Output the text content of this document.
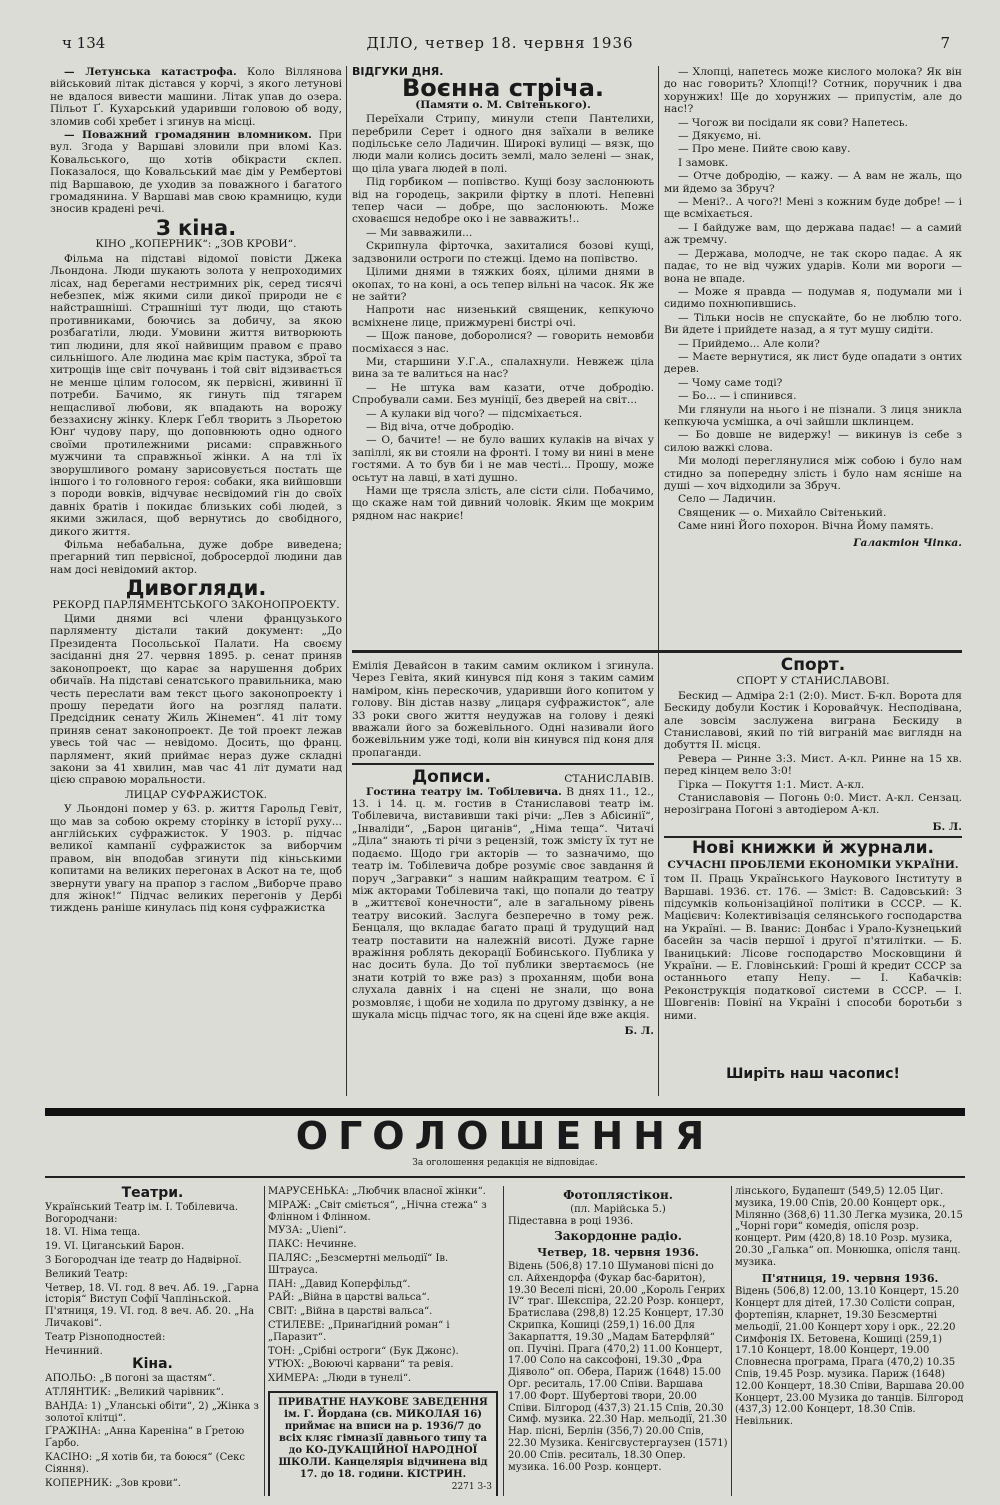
ч 134	ДІЛО, четвер 18. червня 1936	7

— Летунська катастрофа. Коло Віллянова військовий літак дістався у корчі, з якого летунові не вдалося вивести машини. Літак упав до озера. Пільот Ґ. Кухарський ударивши головою об воду, зломив собі хребет і згинув на місці.

— Поважний громадянин вломником. При вул. Згода у Варшаві зловили при вломі Каз. Ковальського, що хотів обікрасти склеп. Показалося, що Ковальський має дім у Рембертові під Варшавою, де уходив за поважного і багатого громадянина. У Варшаві мав свою крамницю, куди зносив крадені речі.

З кіна.
КІНО „КОПЕРНИК“: „ЗОВ КРОВИ“.

Фільма на підставі відомої повісти Джека Льондона. Люди шукають золота у непроходимих лісах, над берегами нестримних рік, серед тисячі небезпек, між якими сили дикої природи не є найстрашніші. Страшніші тут люди, що стають противниками, боючись за добичу, за якою розбагатіли, люди. Умовини життя витворюють тип людини, для якої найвищим правом є право сильнішого. Але людина має крім пастука, зброї та хитрощів іще світ почувань і той світ відзивається не менше цілим голосом, як первісні, живинні її потреби. Бачимо, як гинуть під тягарем нещасливої любови, як впадають на ворожу беззахисну жінку. Клерк Ґебл творить з Льоретою Юнґ чудову пару, що доповнюють одно одного своїми протилежними рисами: справжнього мужчини та справжньої жінки. А на тлі їх зворушливого роману зарисовується постать ще іншого і то головного героя: собаки, яка вийшовши з породи вовків, відчуває несвідомий гін до своїх давніх братів і покидає близьких собі людей, з якими зжилася, щоб вернутись до свобідного, дикого життя.

Фільма небабальна, дуже добре виведена; прегарний тип первісної, добросердої людини дав нам досі невідомий актор.

Дивогляди.
РЕКОРД ПАРЛЯМЕНТСЬКОГО ЗАКОНОПРОЕКТУ.

Цими днями всі члени французького парляменту дістали такий документ: „До Президента Посольської Палати. На своєму засіданні дня 27. червня 1895. р. сенат приняв законопроект, що карає за нарушення добрих обичаїв. На підставі сенатського правильника, маю честь переслати вам текст цього законопроекту і прошу передати його на розгляд палати. Предсідник сенату Жиль Жінемен“. 41 літ тому приняв сенат законопроект. Де той проект лежав увесь той час — невідомо. Досить, що франц. парлямент, який приймає нераз дуже складні закони за 41 хвилин, мав час 41 літ думати над цією справою моральности.

ЛИЦАР СУФРАЖИСТОК.

У Льондоні помер у 63. р. життя Гарольд Гевіт, що мав за собою окрему сторінку в історії руху... англійських суфражисток. У 1903. р. підчас великої кампанії суфражисток за виборчим правом, він вподобав згинути під кіньськими копитами на великих перегонах в Аскот на те, щоб звернути увагу на прапор з гаслом „Виборче право для жінок!“ Підчас великих перегонів у Дербі тиждень раніше кинулась під коня суфражистка

ВІДГУКИ ДНЯ.
Воєнна стріча.
(Памяти о. М. Світенького).

Переїхали Стрипу, минули степи Пантелихи, перебрили Серет і одного дня заїхали в велике подільське село Ладичин. Широкі вулиці — вязк, що люди мали колись досить землі, мало зелені — знак, що ціла увага людей в полі.

Під горбиком — попівство. Кущі бозу заслонюють від на городець, закрили фіртку в плоті. Непевні тепер часи — добре, що заслонюють. Може сховаєшся недобре око і не завважить!..

— Ми завважили...

Скрипнула фірточка, захиталися бозові кущі, задзвонили остроги по стежці. Ідемо на попівство.

Цілими днями в тяжких боях, цілими днями в окопах, то на коні, а ось тепер вільні на часок. Як же не зайти?

Напроти нас низенький священик, кепкуючо всміхнене лице, прижмурені бистрі очі.

— Щож панове, доборолися? — говорить немовби посміхаєся з нас.

Ми, старшини У.Г.А., спалахнули. Невжеж ціла вина за те валиться на нас?

— Не штука вам казати, отче добродію. Спробували сами. Без муніції, без дверей на світ...

— А кулаки від чого? — підсміхається.

— Від віча, отче добродію.

— О, бачите! — не було ваших кулаків на вічах у запіллі, як ви стояли на фронті. І тому ви нині в мене гостями. А то був би і не мав честі... Прошу, може осьтут на лавці, в хаті душно.

Нами ще трясла злість, але сісти сіли. Побачимо, що скаже нам той дивний чоловік. Яким ще мокрим рядном нас накриє!

— Хлопці, напетесь може кислого молока? Як він до нас говорить? Хлопці!? Сотник, поручник і два хорунжих! Ще до хорунжих — припустім, але до нас!?

— Чогож ви посідали як сови? Напетесь.

— Дякуємо, ні.

— Про мене. Пийте свою каву.

І замовк.

— Отче добродію, — кажу. — А вам не жаль, що ми йдемо за Збруч?

— Мені?.. А чого?! Мені з кожним буде добре! — і ще всміхається.

— І байдуже вам, що держава падає! — а самий аж тремчу.

— Держава, молодче, не так скоро падає. А як падає, то не від чужих ударів. Коли ми вороги — вона не впаде.

— Може я правда — подумав я, подумали ми і сидимо похнюпившись.

— Тільки носів не спускайте, бо не люблю того. Ви йдете і прийдете назад, а я тут мушу сидіти.

— Прийдемо... Але коли?

— Маєте вернутися, як лист буде опадати з онтих дерев.

— Чому саме тоді?

— Бо... — і спинився.

Ми глянули на нього і не пізнали. З лиця зникла кепкуюча усмішка, а очі зайшли шклинцем.

— Бо довше не видержу! — викинув із себе з силою важкі слова.

Ми молоді переглянулися між собою і було нам стидно за попередну злість і було нам ясніше на душі — хоч відходили за Збруч.

Село — Ладичин.

Священик — о. Михайло Світенький.

Саме нині Його похорон. Вічна Йому память.

Галактіон Чіпка.

Емілія Девайсон в таким самим окликом і згинула. Через Гевіта, який кинувся під коня з таким самим наміром, кінь перескочив, ударивши його копитом у голову. Він дістав назву „лицаря суфражисток“, але 33 роки свого життя неудужав на голову і деякі вважали його за божевільного. Одні називали його божевільним уже тоді, коли він кинувся під коня для пропаганди.

Дописи.	СТАНИСЛАВІВ.

Гостина театру ім. Тобілевича. В днях 11., 12., 13. і 14. ц. м. гостив в Станиславові театр ім. Тобілевича, виставивши такі річи: „Лев з Абісинії“, „Інваліди“, „Барон циганів“, „Німа теща“. Читачі „Діла“ знають ті річи з рецензій, тож змісту їх тут не подаємо. Щодо гри акторів — то зазначимо, що театр ім. Тобілевича добре розуміє своє завдання й поруч „Загравки“ з нашим найкращим театром. Є ї між акторами Тобілевича такі, що попали до театру в „життєвої конечности“, але в загальному рівень театру високий. Заслуга безперечно в тому реж. Бенцаля, що вкладає багато праці й трудущий над театр поставити на належній висоті. Дуже гарне вражіння роблять декорації Бобинського. Публика у нас досить була. До тої публики звертаємось (не знати котрій то вже раз) з проханням, щоби вона слухала давніх і на сцені не знали, що вона розмовляє, і щоби не ходила по другому дзвінку, а не шукала місць підчас того, як на сцені йде вже акція.

Б. Л.
Спорт.
СПОРТ У СТАНИСЛАВОВІ.

Бескид — Адміра 2:1 (2:0). Мист. Б-кл. Ворота для Бескиду добули Костик і Коровайчук. Несподівана, але зовсім заслужена виграна Бескиду в Станиславові, який по тій виграній має виглядн на добуття II. місця.

Ревера — Ринне 3:3. Мист. А-кл. Ринне на 15 хв. перед кінцем вело 3:0!

Гірка — Покуття 1:1. Мист. А-кл.

Станиславовія — Погонь 0:0. Мист. А-кл. Сензац. нерозіграна Погоні з автодіером А-кл.

Б. Л.
Нові книжки й журнали.
СУЧАСНІ ПРОБЛЕМИ ЕКОНОМІКИ УКРАЇНИ.

том II. Праць Українського Наукового Інституту в Варшаві. 1936. ст. 176. — Зміст: В. Садовський: З підсумків кольонізаційної політики в СССР. — К. Мацієвич: Колективізація селянського господарства на Україні. — В. Іванис: Донбас і Урало-Кузнецький басейн за часів першої і другої п'ятилітки. — Б. Іваницький: Лісове господарство Московщини й України. — Е. Гловінський: Гроші й кредит СССР за останнього етапу Непу. — І. Кабачків: Реконструкція податкової системи в СССР. — І. Шовгенів: Повінї на Україні і способи боротьби з ними.

Ширіть наш часопис!
ОГОЛОШЕННЯ
За оголошення редакція не відповідає.
Театри.

Український Театр ім. І. Тобілевича. Вогородчани:

18. VI. Німа теща.

19. VI. Циганський Барон.

З Богородчан іде театр до Надвірної.

Великий Театр:

Четвер, 18. VI. год. 8 веч. Аб. 19. „Гарна історія“ Виступ Софії Чапліньской. П'ятниця, 19. VI. год. 8 веч. Аб. 20. „На Личакові“.

Театр Різноподностей:

Нечинний.

Кіна.

АПОЛЬО: „В погоні за щастям“.

АТЛЯНТИК: „Великий чарівник“.

ВАНДА: 1) „Уланські обіти“, 2) „Жінка з золотої клітці“.

ҐРАЖІНА: „Анна Кареніна“ в Ґретою Ґарбо.

КАСІНО: „Я хотів би, та боюся“ (Секс Сіяння).

КОПЕРНИК: „Зов крови“.

МАРУСЕНЬКА: „Любчик власної жінки“.

МІРАЖ: „Світ сміється“, „Нічна стежа“ з Флінном і Флінном.

МУЗА: „Uieni“.

ПАКС: Нечинне.

ПАЛЯС: „Безсмертні мельодії“ Ів. Штрауса.

ПАН: „Давид Коперфільд“.

РАЙ: „Війна в царстві вальса“.

СВІТ: „Війна в царстві вальса“.

СТИЛЕВЕ: „Принаґідний роман“ і „Паразит“.

ТОН: „Срібні остроги“ (Бук Джонс).

УТЮХ: „Воюючі карвани“ та ревія.

ХИМЕРА: „Люди в тунелі“.

ПРИВАТНЕ НАУКОВЕ ЗАВЕДЕННЯ ім. Г. Йордана (св. МИКОЛАЯ 16) приймає на вписи на р. 1936/7 до всіх кляс гімназії давнього типу та до КО-ДУКАЦІЙНОЇ НАРОДНОЇ ШКОЛИ. Канцелярія відчинена від 17. до 18. години. КІСТРИН.
2271 3-3
Фотоплястікон.
(пл. Марійська 5.)

Підеставна в році 1936.

Закордонне радіо.
Четвер, 18. червня 1936.

Відень (506,8) 17.10 Шуманові пісні до сл. Айхендорфа (Фукар бас-баритон), 19.30 Веселі пісні, 20.00 „Король Генрих IV“ траг. Шекспіра, 22.20 Розр. концерт, Братислава (298,8) 12.25 Концерт, 17.30 Скрипка, Кошиці (259,1) 16.00 Для Закарпаття, 19.30 „Мадам Батерфляй“ оп. Пучіні. Прага (470,2) 11.00 Концерт, 17.00 Соло на саксофоні, 19.30 „Фра Діяволо“ оп. Обера, Париж (1648) 15.00 Орг. реситаль, 17.00 Співи. Варшава 17.00 Форт. Шубертові твори, 20.00 Співи. Білгород (437,3) 21.15 Спів, 20.30 Симф. музика. 22.30 Нар. мельодії, 21.30 Нар. пісні, Берлін (356,7) 20.00 Спів, 22.30 Музика. Кенігсвустергаузен (1571) 20.00 Спів. реситаль, 18.30 Опер. музика. 16.00 Розр. концерт.

лінського, Будапешт (549,5) 12.05 Циг. музика, 19.00 Спів, 20.00 Концерт орк., Мілянно (368,6) 11.30 Легка музика, 20.15 „Чорні гори“ комедія, опісля розр. концерт. Рим (420,8) 18.10 Розр. музика, 20.30 „Галька“ оп. Монюшка, опісля танц. музика.

П'ятниця, 19. червня 1936.

Відень (506,8) 12.00, 13.10 Концерт, 15.20 Концерт для дітей, 17.30 Солісти сопран, фортепіян, кларнет, 19.30 Безсмертні мельодії, 21.00 Концерт хору і орк., 22.20 Симфонія IX. Бетовена, Кошиці (259,1) 17.10 Концерт, 18.00 Концерт, 19.00 Словнесна програма, Прага (470,2) 10.35 Спів, 19.45 Розр. музика. Париж (1648) 12.00 Концерт, 18.30 Співи, Варшава 20.00 Концерт, 23.00 Музика до танців. Білгород (437,3) 12.00 Концерт, 18.30 Спів. Невільник.
